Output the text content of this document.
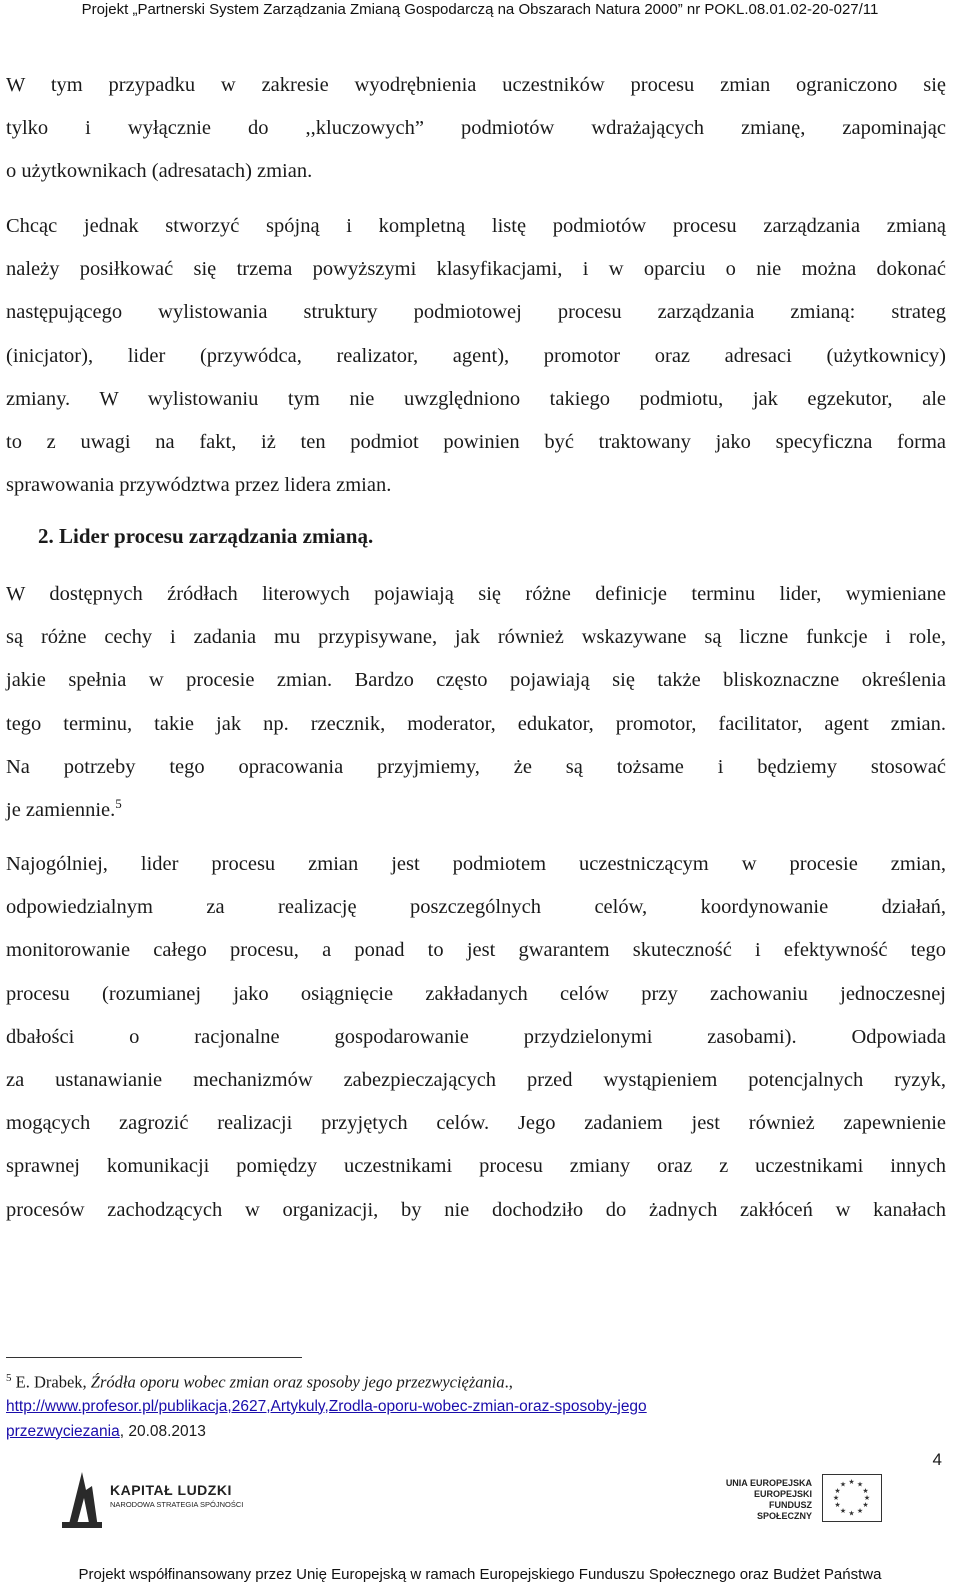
Projekt „Partnerski System Zarządzania Zmianą Gospodarczą na Obszarach Natura 2000” nr POKL.08.01.02-20-027/11
W tym przypadku w zakresie wyodrębnienia uczestników procesu zmian ograniczono się
tylko i wyłącznie do ,,kluczowych” podmiotów wdrażających zmianę, zapominając
o użytkownikach (adresatach) zmian.
Chcąc jednak stworzyć spójną i kompletną listę podmiotów procesu zarządzania zmianą
należy posiłkować się trzema powyższymi klasyfikacjami, i w oparciu o nie można dokonać
następującego wylistowania struktury podmiotowej procesu zarządzania zmianą: strateg
(inicjator), lider (przywódca, realizator, agent), promotor oraz adresaci (użytkownicy)
zmiany. W wylistowaniu tym nie uwzględniono takiego podmiotu, jak egzekutor, ale
to z uwagi na fakt, iż ten podmiot powinien być traktowany jako specyficzna forma
sprawowania przywództwa przez lidera zmian.
2. Lider procesu zarządzania zmianą.
W dostępnych źródłach literowych pojawiają się różne definicje terminu lider, wymieniane
są różne cechy i zadania mu przypisywane, jak również wskazywane są liczne funkcje i role,
jakie spełnia w procesie zmian. Bardzo często pojawiają się także bliskoznaczne określenia
tego terminu, takie jak np. rzecznik, moderator, edukator, promotor, facilitator, agent zmian.
Na potrzeby tego opracowania przyjmiemy, że są tożsame i będziemy stosować
je zamiennie.$^5$
Najogólniej, lider procesu zmian jest podmiotem uczestniczącym w procesie zmian,
odpowiedzialnym za realizację poszczególnych celów, koordynowanie działań,
monitorowanie całego procesu, a ponad to jest gwarantem skuteczność i efektywność tego
procesu (rozumianej jako osiągnięcie zakładanych celów przy zachowaniu jednoczesnej
dbałości o racjonalne gospodarowanie przydzielonymi zasobami). Odpowiada
za ustanawianie mechanizmów zabezpieczających przed wystąpieniem potencjalnych ryzyk,
mogących zagrozić realizacji przyjętych celów. Jego zadaniem jest również zapewnienie
sprawnej komunikacji pomiędzy uczestnikami procesu zmiany oraz z uczestnikami innych
procesów zachodzących w organizacji, by nie dochodziło do żadnych zakłóceń w kanałach
$^5$ E. Drabek, Źródła oporu wobec zmian oraz sposoby jego przezwyciężania.,
http://www.profesor.pl/publikacja,2627,Artykuly,Zrodla-oporu-wobec-zmian-oraz-sposoby-jego
przezwyciezania, 20.08.2013
4
KAPITAŁ LUDZKI
NARODOWA STRATEGIA SPÓJNOŚCI
UNIA EUROPEJSKA
EUROPEJSKI
FUNDUSZ SPOŁECZNY
★ ★
★
★
★
★
★
★
★
★
★
★
Projekt współfinansowany przez Unię Europejską w ramach Europejskiego Funduszu Społecznego oraz Budżet Państwa
